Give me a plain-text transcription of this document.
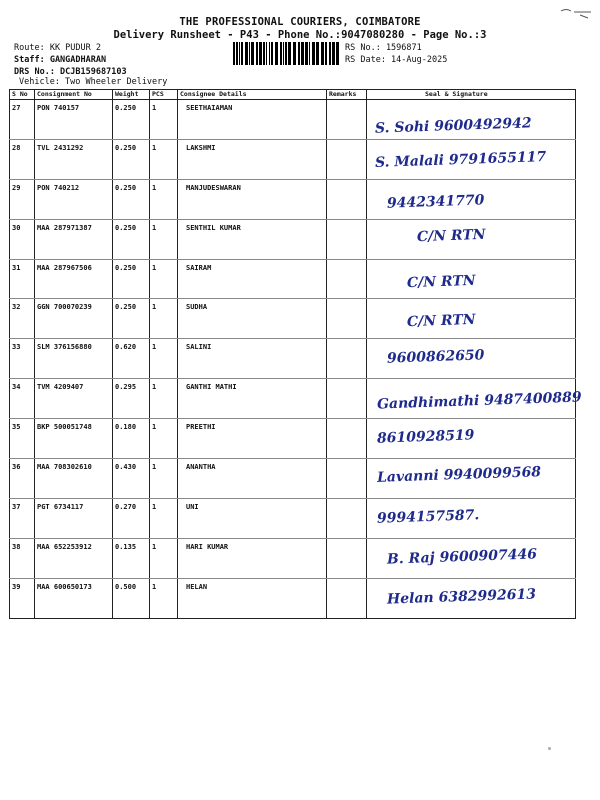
THE PROFESSIONAL COURIERS, COIMBATORE
Delivery Runsheet - P43 - Phone No.:9047080280 - Page No.:3
Route: KK PUDUR 2
Staff: GANGADHARAN
DRS No.: DCJB159687103
Vehicle: Two Wheeler Delivery
RS No.: 1596871
RS Date: 14-Aug-2025
S No	Consignment No	Weight	PCS	Consignee Details	Remarks	Seal & Signature
27	PON 740157	0.250	1	SEETHAIAMAN		S. Sohi 9600492942

28	TVL 2431292	0.250	1	LAKSHMI		S. Malali 9791655117

29	PON 740212	0.250	1	MANJUDESWARAN		9442341770

30	MAA 287971387	0.250	1	SENTHIL KUMAR		C/N RTN

31	MAA 287967506	0.250	1	SAIRAM		C/N RTN

32	GGN 700070239	0.250	1	SUDHA		C/N RTN

33	SLM 376156880	0.620	1	SALINI		9600862650

34	TVM 4209407	0.295	1	GANTHI MATHI		Gandhimathi 9487400889

35	BKP 500051748	0.180	1	PREETHI		8610928519

36	MAA 708302610	0.430	1	ANANTHA		Lavanni 9940099568

37	PGT 6734117	0.270	1	UNI		9994157587.

38	MAA 652253912	0.135	1	HARI KUMAR		B. Raj 9600907446

39	MAA 600650173	0.500	1	HELAN		Helan 6382992613
